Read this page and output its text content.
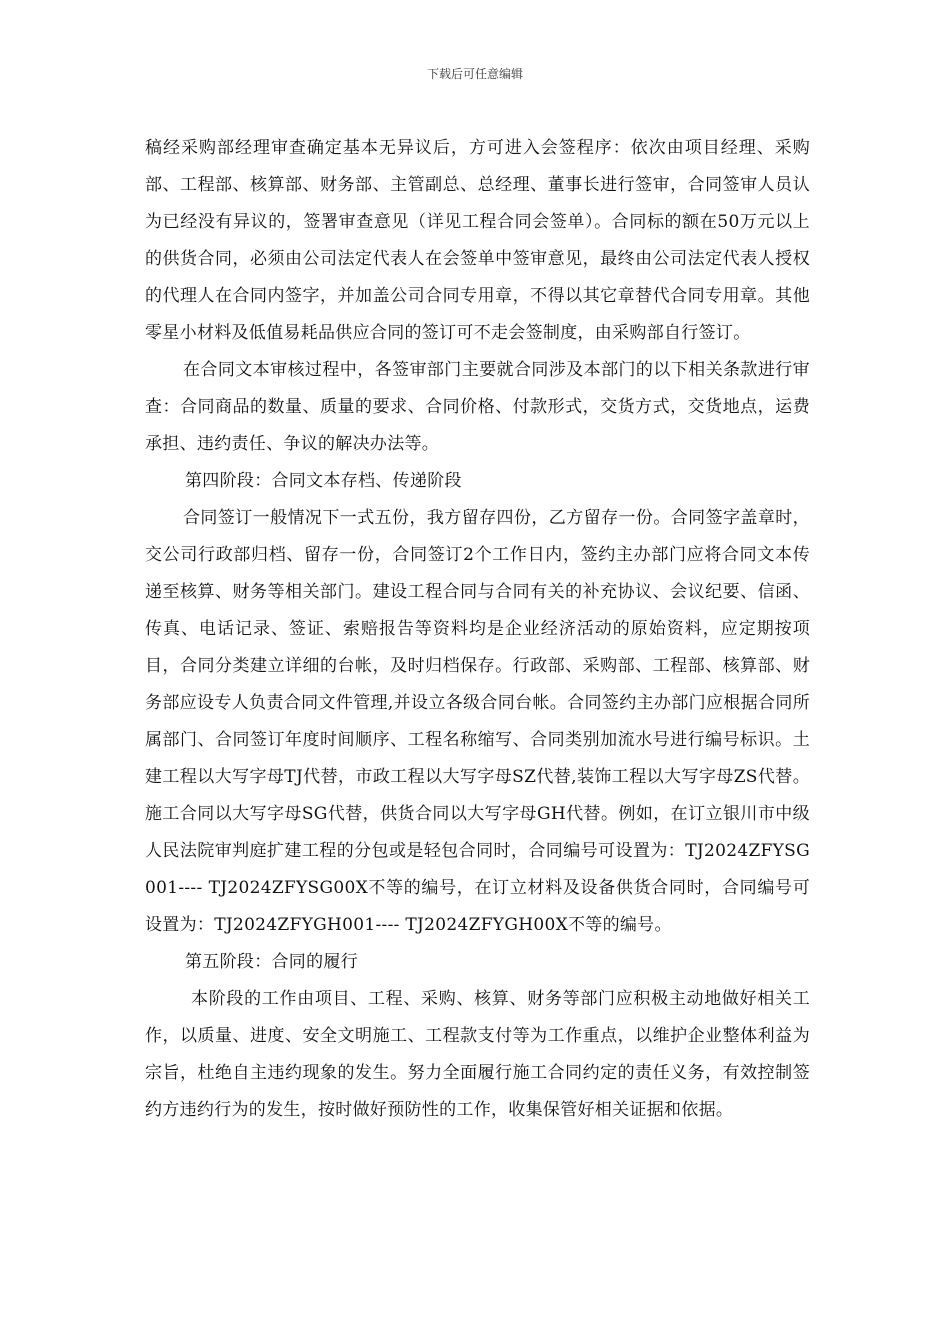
下载后可任意编辑

稿经采购部经理审查确定基本无异议后，方可进入会签程序：依次由项目经理、采购部、工程部、核算部、财务部、主管副总、总经理、董事长进行签审，合同签审人员认为已经没有异议的，签署审查意见（详见工程合同会签单）。合同标的额在50万元以上的供货合同，必须由公司法定代表人在会签单中签审意见，最终由公司法定代表人授权的代理人在合同内签字，并加盖公司合同专用章，不得以其它章替代合同专用章。其他零星小材料及低值易耗品供应合同的签订可不走会签制度，由采购部自行签订。

在合同文本审核过程中，各签审部门主要就合同涉及本部门的以下相关条款进行审查：合同商品的数量、质量的要求、合同价格、付款形式，交货方式，交货地点，运费承担、违约责任、争议的解决办法等。

第四阶段：合同文本存档、传递阶段

合同签订一般情况下一式五份，我方留存四份，乙方留存一份。合同签字盖章时，交公司行政部归档、留存一份，合同签订2个工作日内，签约主办部门应将合同文本传递至核算、财务等相关部门。建设工程合同与合同有关的补充协议、会议纪要、信函、传真、电话记录、签证、索赔报告等资料均是企业经济活动的原始资料，应定期按项目，合同分类建立详细的台帐，及时归档保存。行政部、采购部、工程部、核算部、财务部应设专人负责合同文件管理,并设立各级合同台帐。合同签约主办部门应根据合同所属部门、合同签订年度时间顺序、工程名称缩写、合同类别加流水号进行编号标识。土建工程以大写字母TJ代替，市政工程以大写字母SZ代替,装饰工程以大写字母ZS代替。施工合同以大写字母SG代替，供货合同以大写字母GH代替。例如，在订立银川市中级人民法院审判庭扩建工程的分包或是轻包合同时，合同编号可设置为：TJ2024ZFYSG001---- TJ2024ZFYSG00X不等的编号，在订立材料及设备供货合同时，合同编号可设置为：TJ2024ZFYGH001---- TJ2024ZFYGH00X不等的编号。

第五阶段：合同的履行

本阶段的工作由项目、工程、采购、核算、财务等部门应积极主动地做好相关工作，以质量、进度、安全文明施工、工程款支付等为工作重点，以维护企业整体利益为宗旨，杜绝自主违约现象的发生。努力全面履行施工合同约定的责任义务，有效控制签约方违约行为的发生，按时做好预防性的工作，收集保管好相关证据和依据。
